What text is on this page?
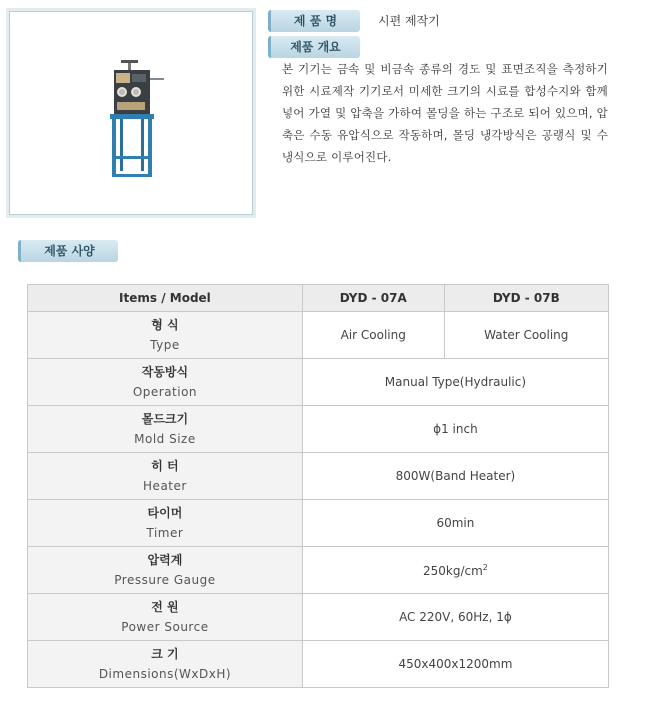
제 품 명	시편 제작기
제품 개요
본 기기는 금속 및 비금속 종류의 경도 및 표면조직을 측정하기 위한 시료제작 기기로서 미세한 크기의 시료를 합성수지와 함께 넣어 가열 및 압축을 가하여 몰딩을 하는 구조로 되어 있으며, 압축은 수동 유압식으로 작동하며, 몰딩 냉각방식은 공랭식 및 수냉식으로 이루어진다.
제품 사양
Items / Model	DYD - 07A	DYD - 07B

형 식
Type	Air Cooling	Water Cooling

작동방식
Operation	Manual Type(Hydraulic)	

몰드크기
Mold Size	ϕ1 inch	

히 터
Heater	800W(Band Heater)	

타이머
Timer	60min	

압력계
Pressure Gauge	$250kg/cm^2$

전 원
Power Source	AC 220V, 60Hz, 1ϕ	

크 기
Dimensions(WxDxH)	450x400x1200mm	
